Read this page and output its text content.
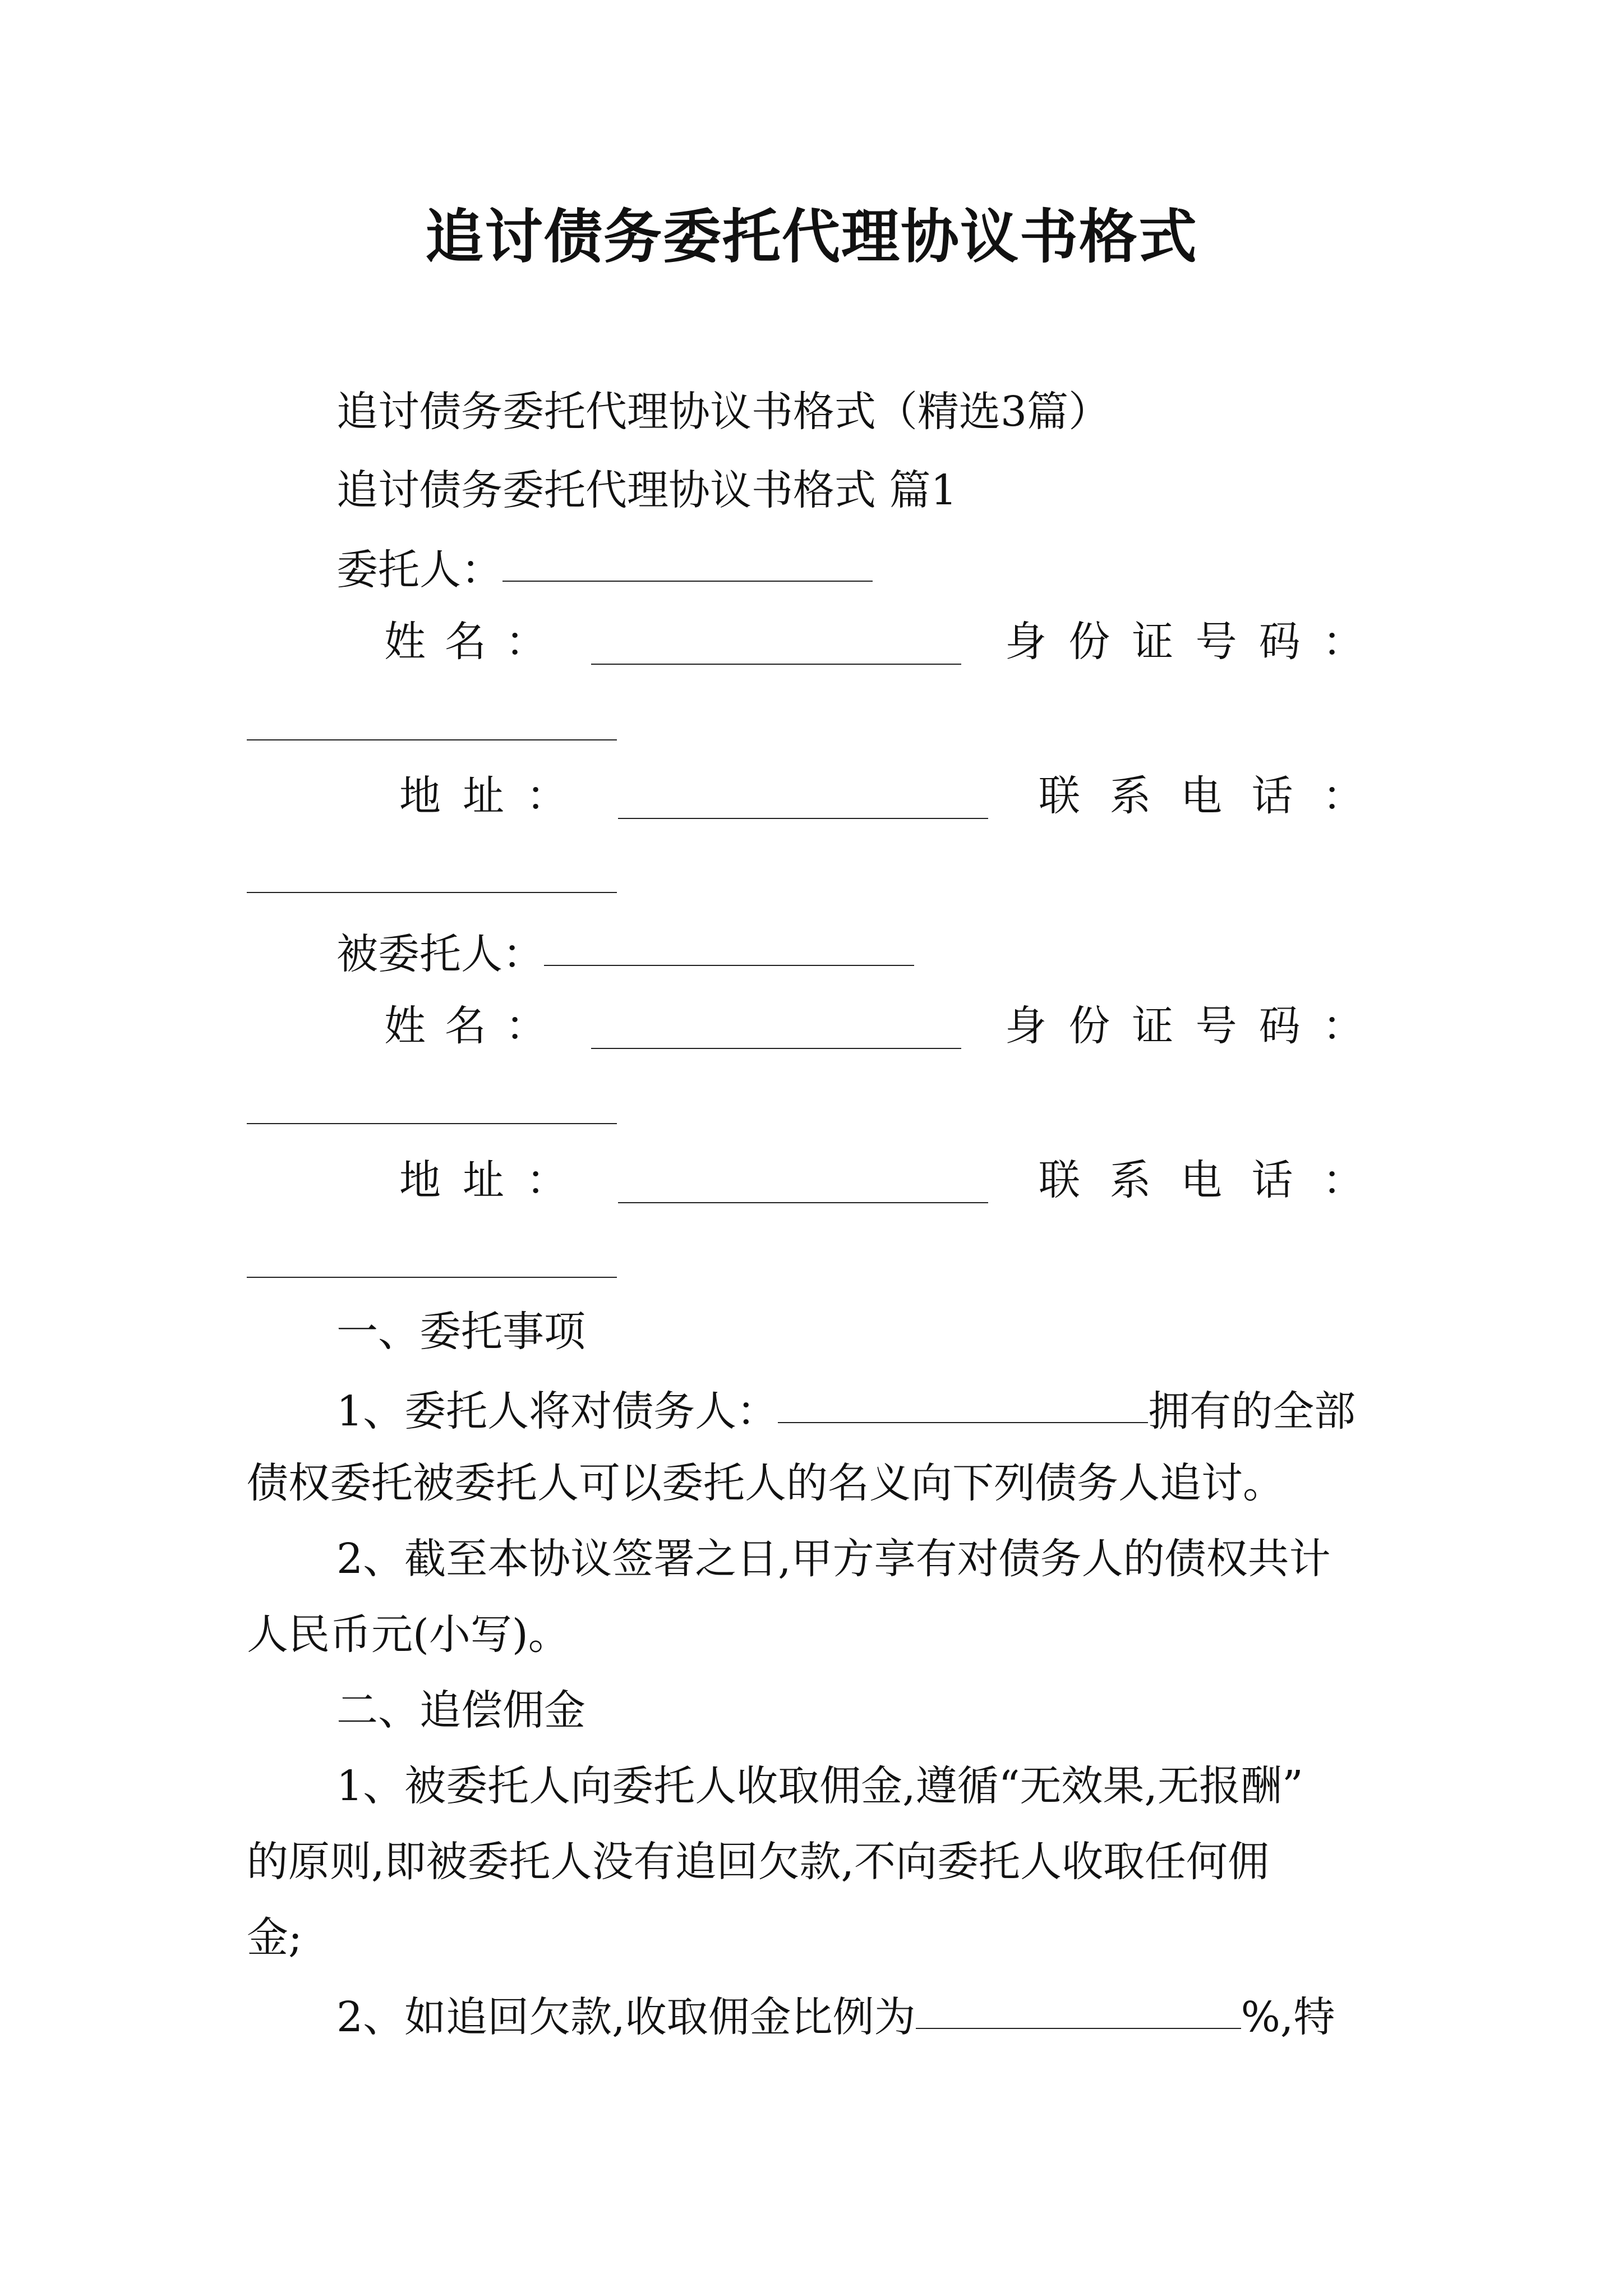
追讨债务委托代理协议书格式
追讨债务委托代理协议书格式（精选3篇）
追讨债务委托代理协议书格式 篇1
委托人：
姓 名 ：	身 份 证 号 码 ：
地 址 ：	联 系 电 话 ：
被委托人：
姓 名 ：	身 份 证 号 码 ：
地 址 ：	联 系 电 话 ：
一、委托事项
1、委托人将对债务人：	拥有的全部
债权委托被委托人可以委托人的名义向下列债务人追讨。
2、截至本协议签署之日,甲方享有对债务人的债权共计
人民币元(小写)。
二、追偿佣金
1、被委托人向委托人收取佣金,遵循“无效果,无报酬”
的原则,即被委托人没有追回欠款,不向委托人收取任何佣
金;
2、如追回欠款,收取佣金比例为	%,特
